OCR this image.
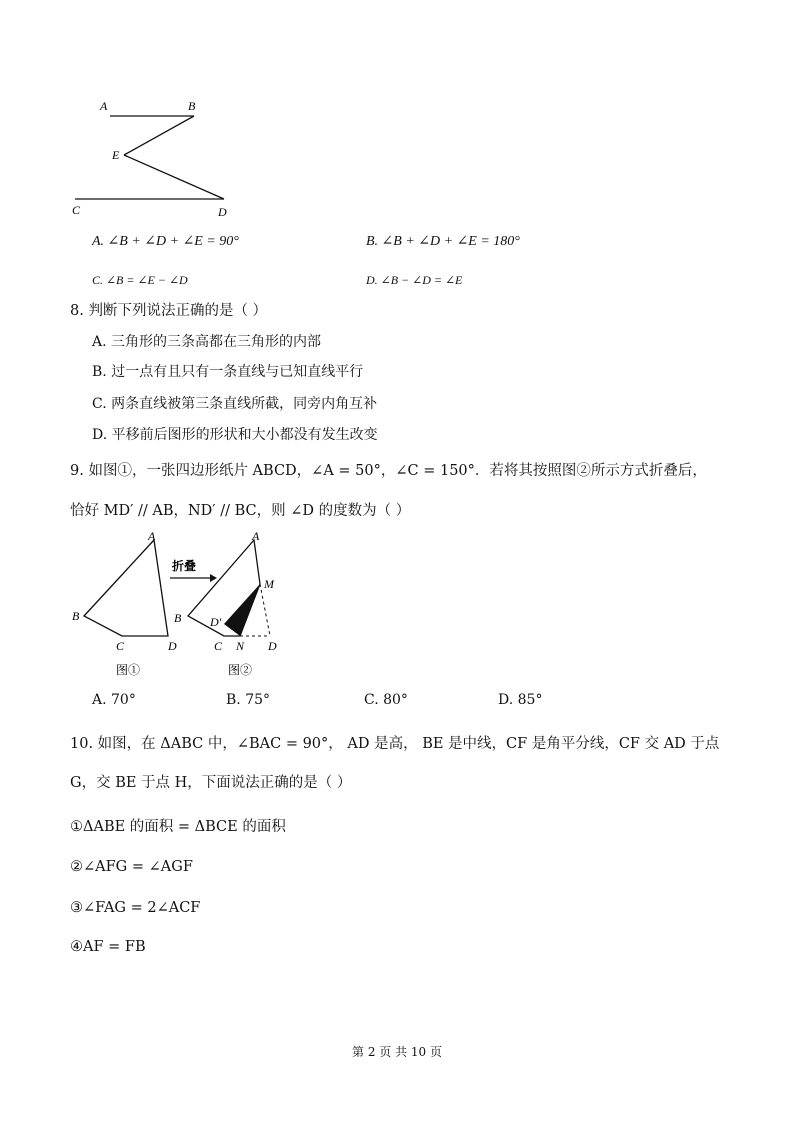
A	B
E
C	D
A. ∠B + ∠D + ∠E = 90°	B. ∠B + ∠D + ∠E = 180°
C. ∠B = ∠E − ∠D	D. ∠B − ∠D = ∠E
8. 判断下列说法正确的是（ ）
A. 三角形的三条高都在三角形的内部
B. 过一点有且只有一条直线与已知直线平行
C. 两条直线被第三条直线所截，同旁内角互补
D. 平移前后图形的形状和大小都没有发生改变
9. 如图①，一张四边形纸片 ABCD，∠A = 50°，∠C = 150°．若将其按照图②所示方式折叠后，
恰好 MD′ // AB，ND′ // BC，则 ∠D 的度数为（ ）
A
B
C	D
图①
折叠
A
M
B D′
C N D
图②
A. 70°	B. 75°	C. 80°	D. 85°
10. 如图，在 ΔABC 中，∠BAC = 90°， AD 是高， BE 是中线，CF 是角平分线，CF 交 AD 于点
G，交 BE 于点 H，下面说法正确的是（ ）
①ΔABE 的面积 = ΔBCE 的面积
②∠AFG = ∠AGF
③∠FAG = 2∠ACF
④AF = FB
第 2 页 共 10 页
